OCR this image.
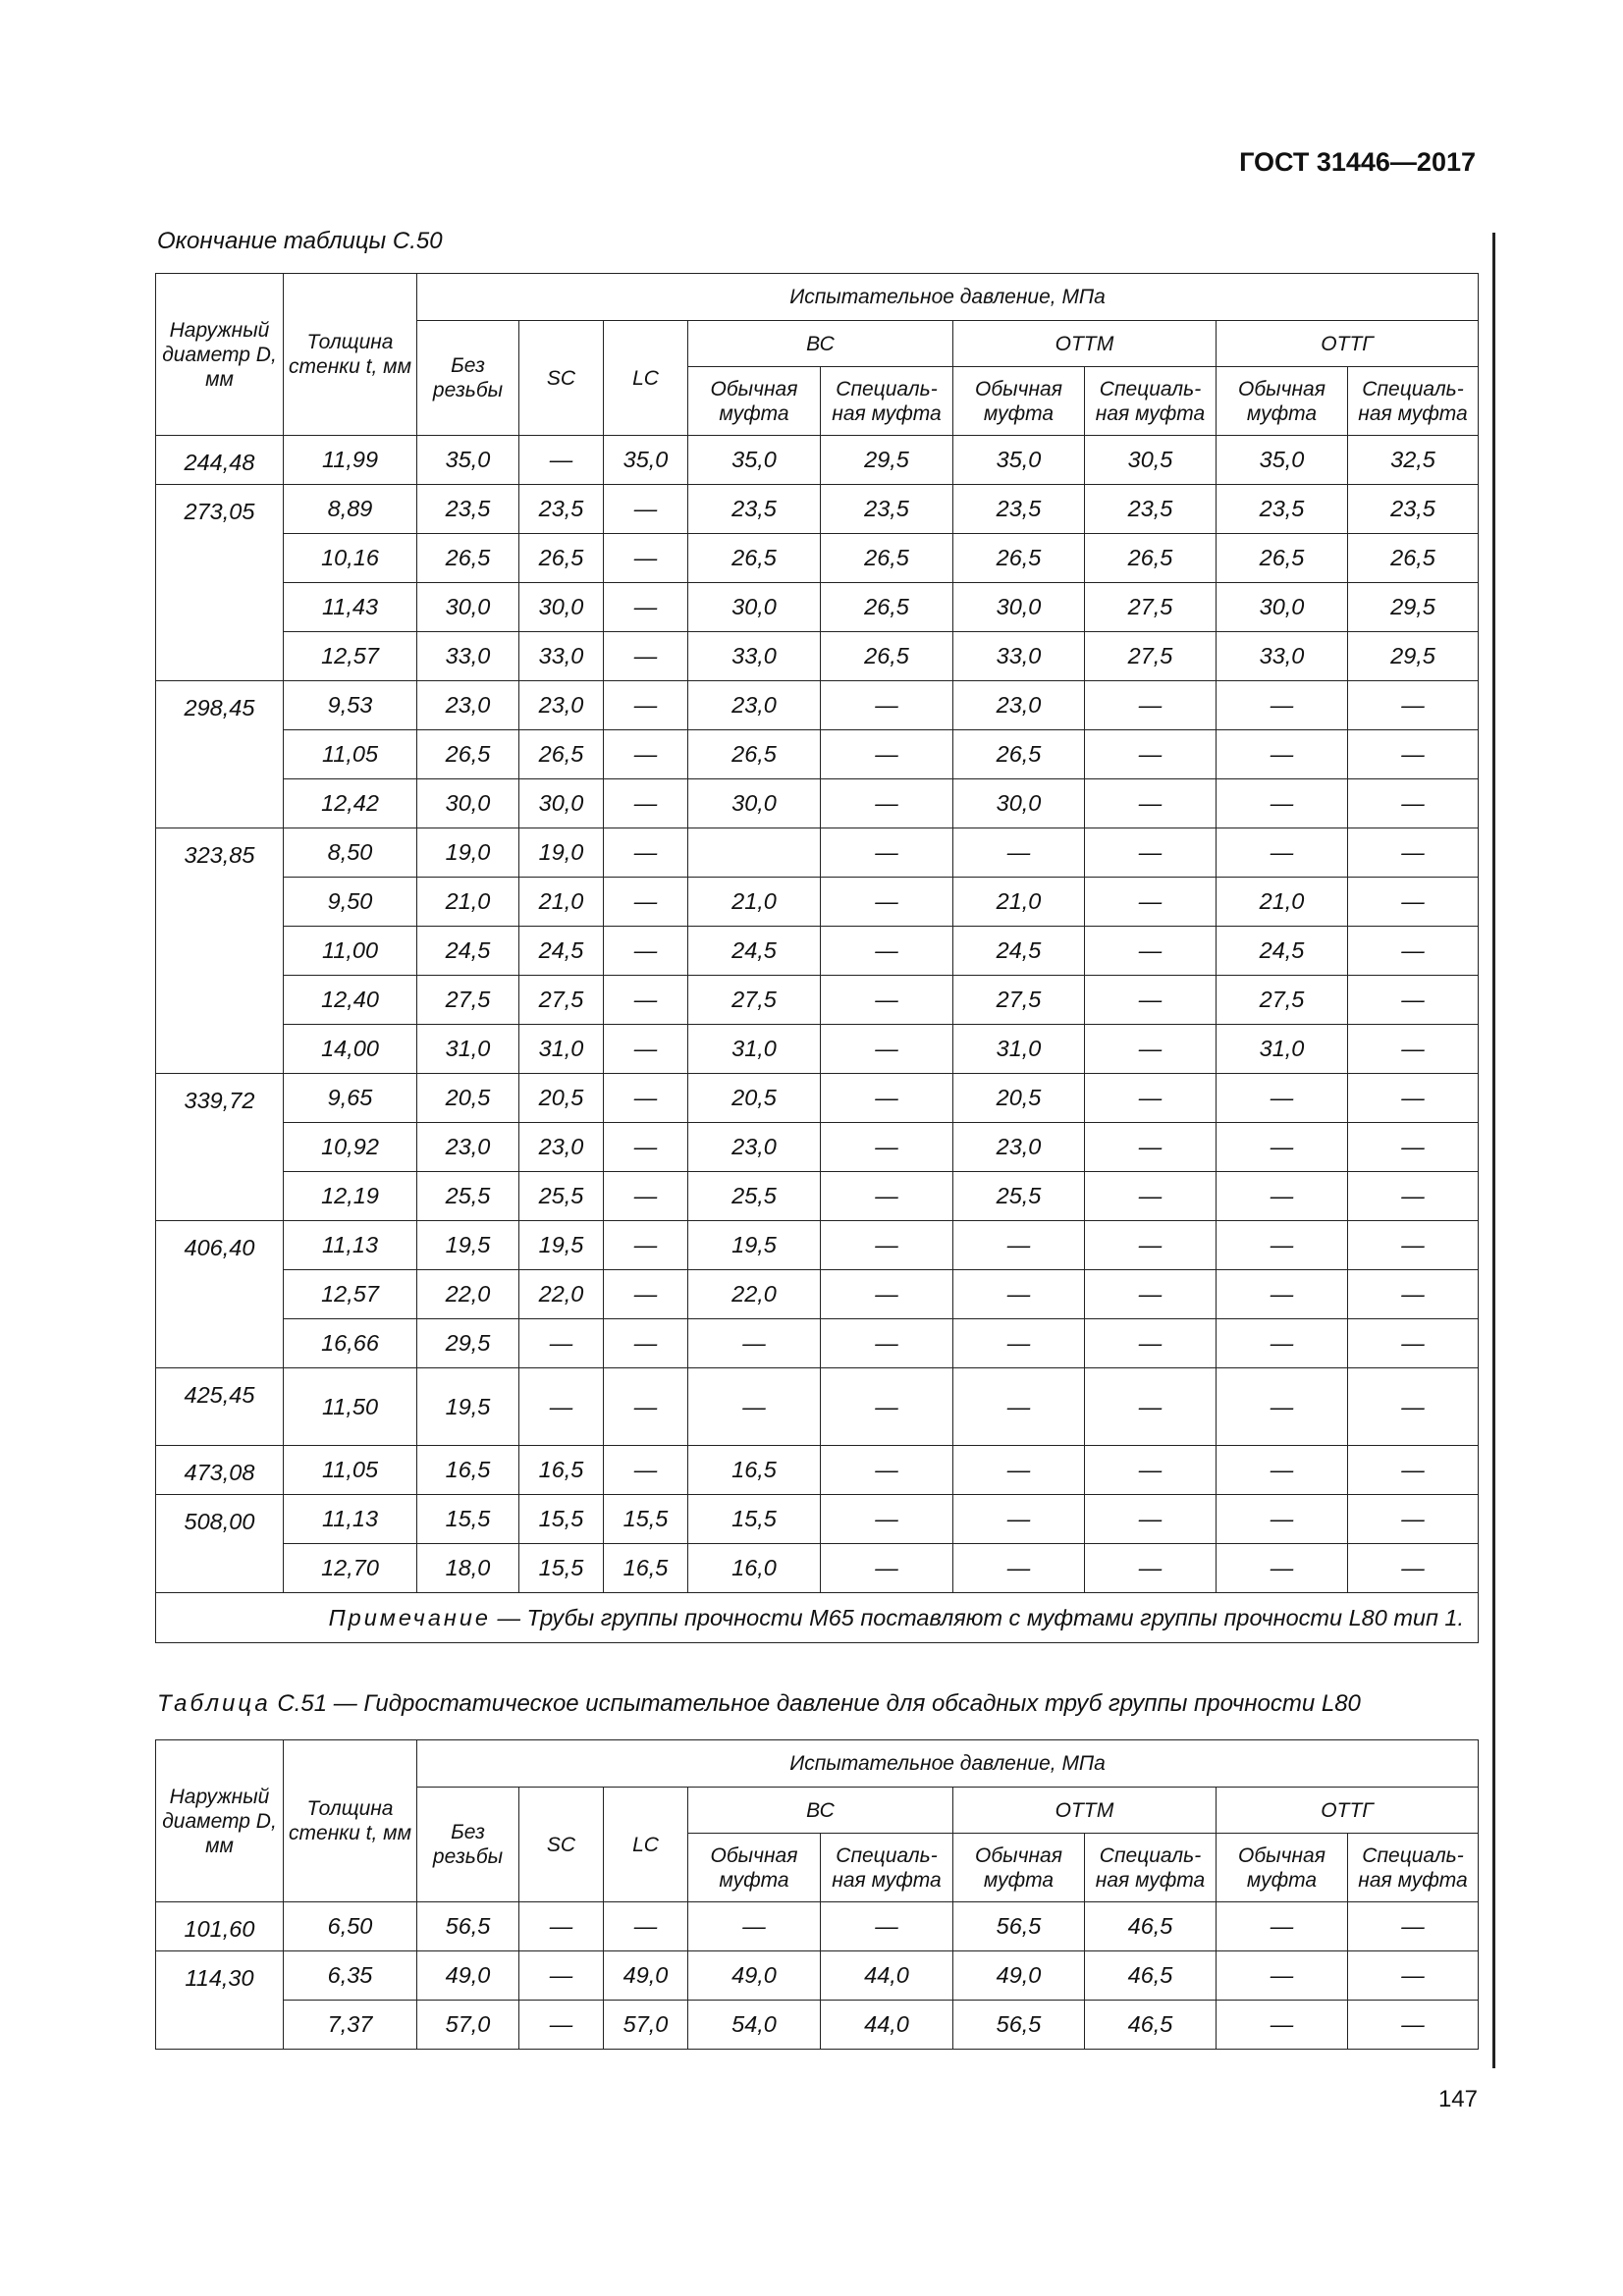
ГОСТ 31446—2017
Окончание таблицы С.50
Наружный диаметр D, мм	Толщина стенки t, мм	Испытательное давление, МПа								
		Без резьбы	SC	LC	ВС		ОТТМ		ОТТГ	
					Обычная муфта	Специаль-ная муфта	Обычная муфта	Специаль-ная муфта	Обычная муфта	Специаль-ная муфта
244,48	11,99	35,0	—	35,0	35,0	29,5	35,0	30,5	35,0	32,5
273,05	8,89	23,5	23,5	—	23,5	23,5	23,5	23,5	23,5	23,5
	10,16	26,5	26,5	—	26,5	26,5	26,5	26,5	26,5	26,5
	11,43	30,0	30,0	—	30,0	26,5	30,0	27,5	30,0	29,5
	12,57	33,0	33,0	—	33,0	26,5	33,0	27,5	33,0	29,5
298,45	9,53	23,0	23,0	—	23,0	—	23,0	—	—	—
	11,05	26,5	26,5	—	26,5	—	26,5	—	—	—
	12,42	30,0	30,0	—	30,0	—	30,0	—	—	—
323,85	8,50	19,0	19,0	—		—	—	—	—	—
	9,50	21,0	21,0	—	21,0	—	21,0	—	21,0	—
	11,00	24,5	24,5	—	24,5	—	24,5	—	24,5	—
	12,40	27,5	27,5	—	27,5	—	27,5	—	27,5	—
	14,00	31,0	31,0	—	31,0	—	31,0	—	31,0	—
339,72	9,65	20,5	20,5	—	20,5	—	20,5	—	—	—
	10,92	23,0	23,0	—	23,0	—	23,0	—	—	—
	12,19	25,5	25,5	—	25,5	—	25,5	—	—	—
406,40	11,13	19,5	19,5	—	19,5	—	—	—	—	—
	12,57	22,0	22,0	—	22,0	—	—	—	—	—
	16,66	29,5	—	—	—	—	—	—	—	—
425,45	11,50	19,5	—	—	—	—	—	—	—	—
473,08	11,05	16,5	16,5	—	16,5	—	—	—	—	—
508,00	11,13	15,5	15,5	15,5	15,5	—	—	—	—	—
	12,70	18,0	15,5	16,5	16,0	—	—	—	—	—
Примечание — Трубы группы прочности М65 поставляют с муфтами группы прочности L80 тип 1.										
Таблица С.51 — Гидростатическое испытательное давление для обсадных труб группы прочности L80
Наружный диаметр D, мм	Толщина стенки t, мм	Испытательное давление, МПа								
		Без резьбы	SC	LC	ВС		ОТТМ		ОТТГ	
					Обычная муфта	Специаль-ная муфта	Обычная муфта	Специаль-ная муфта	Обычная муфта	Специаль-ная муфта
101,60	6,50	56,5	—	—	—	—	56,5	46,5	—	—
114,30	6,35	49,0	—	49,0	49,0	44,0	49,0	46,5	—	—
	7,37	57,0	—	57,0	54,0	44,0	56,5	46,5	—	—
147
